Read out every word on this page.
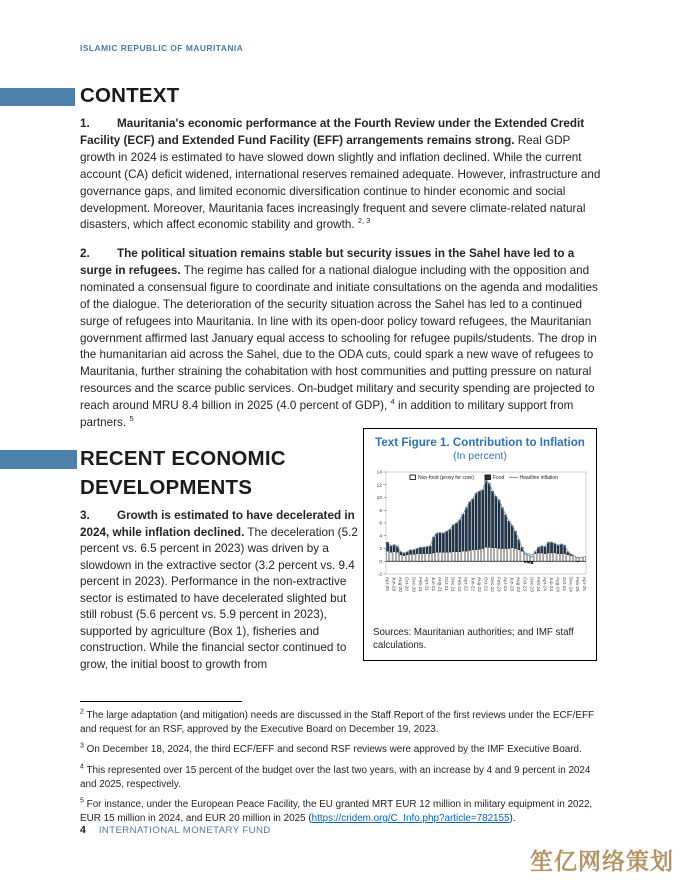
ISLAMIC REPUBLIC OF MAURITANIA
CONTEXT

1. Mauritania's economic performance at the Fourth Review under the Extended Credit Facility (ECF) and Extended Fund Facility (EFF) arrangements remains strong. Real GDP growth in 2024 is estimated to have slowed down slightly and inflation declined. While the current account (CA) deficit widened, international reserves remained adequate. However, infrastructure and governance gaps, and limited economic diversification continue to hinder economic and social development. Moreover, Mauritania faces increasingly frequent and severe climate-related natural disasters, which affect economic stability and growth. $^{2, 3}$

2. The political situation remains stable but security issues in the Sahel have led to a surge in refugees. The regime has called for a national dialogue including with the opposition and nominated a consensual figure to coordinate and initiate consultations on the agenda and modalities of the dialogue. The deterioration of the security situation across the Sahel has led to a continued surge of refugees into Mauritania. In line with its open-door policy toward refugees, the Mauritanian government affirmed last January equal access to schooling for refugee pupils/students. The drop in the humanitarian aid across the Sahel, due to the ODA cuts, could spark a new wave of refugees to Mauritania, further straining the cohabitation with host communities and putting pressure on natural resources and the scarce public services. On-budget military and security spending are projected to reach around MRU 8.4 billion in 2025 (4.0 percent of GDP), $^4$ in addition to military support from partners. $^5$

RECENT ECONOMIC DEVELOPMENTS

3. Growth is estimated to have decelerated in 2024, while inflation declined. The deceleration (5.2 percent vs. 6.5 percent in 2023) was driven by a slowdown in the extractive sector (3.2 percent vs. 9.4 percent in 2023). Performance in the non-extractive sector is estimated to have decelerated slighted but still robust (5.6 percent vs. 5.9 percent in 2023), supported by agriculture (Box 1), fisheries and construction. While the financial sector continued to grow, the initial boost to growth from

Text Figure 1. Contribution to Inflation
(In percent)
-2
0
2
4
6
8
10
12
14
Apr-20 Jun-20 Aug-20 Oct-20 Dec-20 Feb-21 Apr-21 Jun-21 Aug-21 Oct-21 Dec-21 Feb-22 Apr-22 Jun-22 Aug-22 Oct-22 Dec-22 Feb-23 Apr-23 Jun-23 Aug-23 Oct-23 Dec-23 Feb-24 Apr-24 Jun-24 Aug-24 Oct-24 Dec-24 Feb-25 Apr-25
Non-food (proxy for core)	Food	Headline inflation
Sources: Mauritanian authorities; and IMF staff calculations.

$^2$ The large adaptation (and mitigation) needs are discussed in the Staff Report of the first reviews under the ECF/EFF and request for an RSF, approved by the Executive Board on December 19, 2023.

$^3$ On December 18, 2024, the third ECF/EFF and second RSF reviews were approved by the IMF Executive Board.

$^4$ This represented over 15 percent of the budget over the last two years, with an increase by 4 and 9 percent in 2024 and 2025, respectively.

$^5$ For instance, under the European Peace Facility, the EU granted MRT EUR 12 million in military equipment in 2022, EUR 15 million in 2024, and EUR 20 million in 2025 (https://cridem.org/C_Info.php?article=782155).

4 INTERNATIONAL MONETARY FUND
笙亿网络策划
